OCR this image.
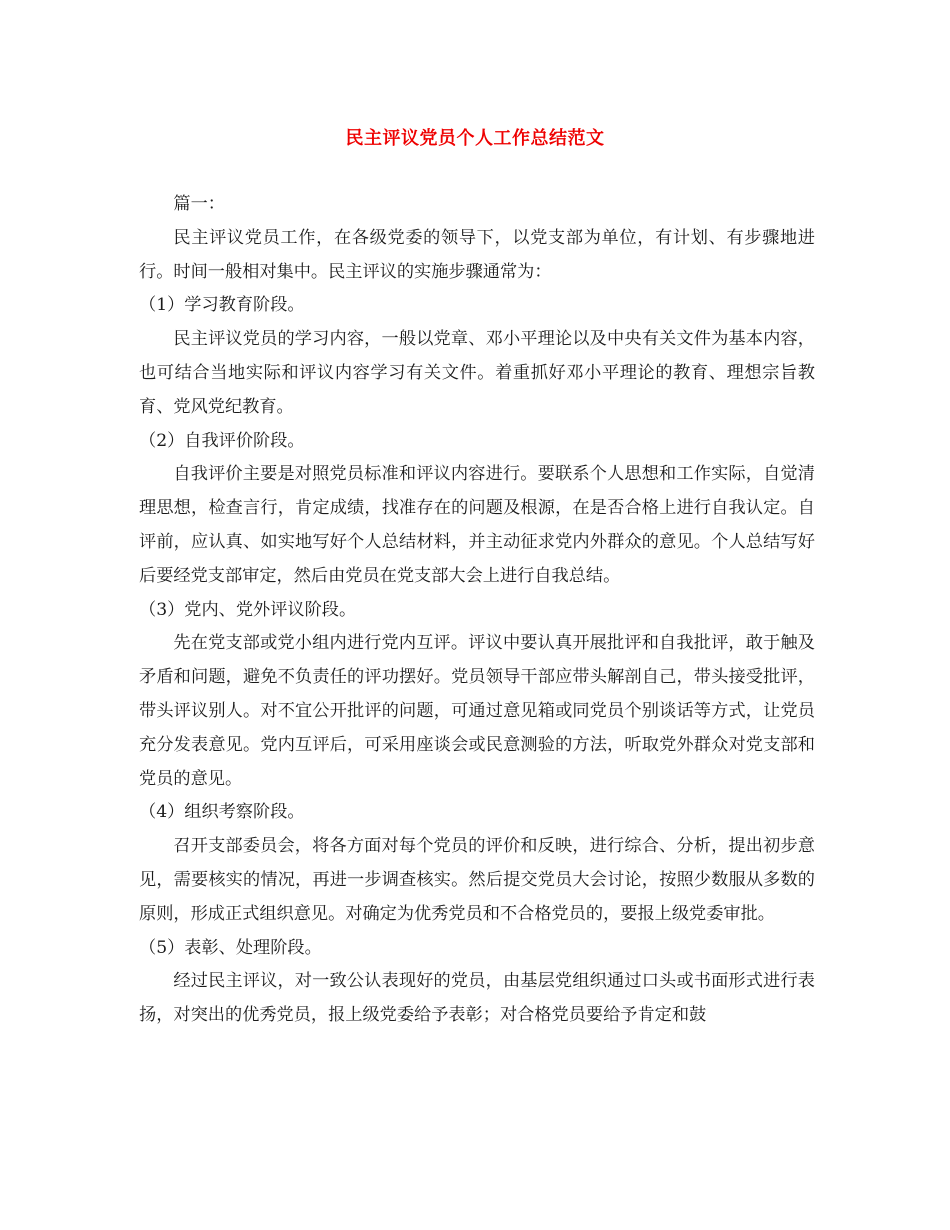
民主评议党员个人工作总结范文

篇一：

民主评议党员工作，在各级党委的领导下，以党支部为单位，有计划、有步骤地进行。时间一般相对集中。民主评议的实施步骤通常为：

（1）学习教育阶段。

民主评议党员的学习内容，一般以党章、邓小平理论以及中央有关文件为基本内容，也可结合当地实际和评议内容学习有关文件。着重抓好邓小平理论的教育、理想宗旨教育、党风党纪教育。

（2）自我评价阶段。

自我评价主要是对照党员标准和评议内容进行。要联系个人思想和工作实际，自觉清理思想，检查言行，肯定成绩，找准存在的问题及根源，在是否合格上进行自我认定。自评前，应认真、如实地写好个人总结材料，并主动征求党内外群众的意见。个人总结写好后要经党支部审定，然后由党员在党支部大会上进行自我总结。

（3）党内、党外评议阶段。

先在党支部或党小组内进行党内互评。评议中要认真开展批评和自我批评，敢于触及矛盾和问题，避免不负责任的评功摆好。党员领导干部应带头解剖自己，带头接受批评，带头评议别人。对不宜公开批评的问题，可通过意见箱或同党员个别谈话等方式，让党员充分发表意见。党内互评后，可采用座谈会或民意测验的方法，听取党外群众对党支部和党员的意见。

（4）组织考察阶段。

召开支部委员会，将各方面对每个党员的评价和反映，进行综合、分析，提出初步意见，需要核实的情况，再进一步调查核实。然后提交党员大会讨论，按照少数服从多数的原则，形成正式组织意见。对确定为优秀党员和不合格党员的，要报上级党委审批。

（5）表彰、处理阶段。

经过民主评议，对一致公认表现好的党员，由基层党组织通过口头或书面形式进行表扬，对突出的优秀党员，报上级党委给予表彰；对合格党员要给予肯定和鼓
